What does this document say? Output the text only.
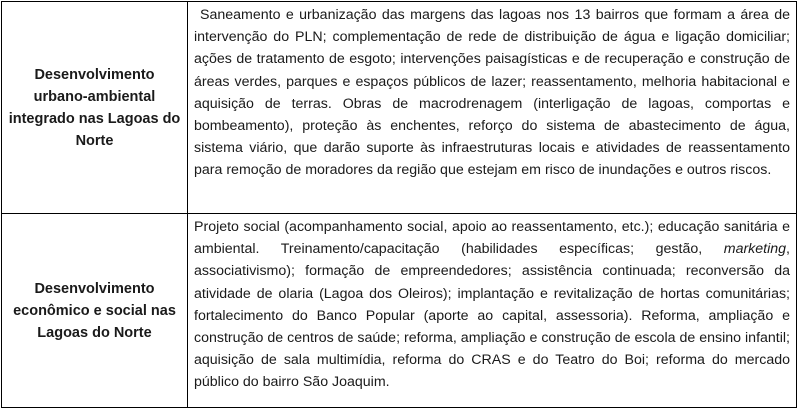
Desenvolvimento urbano-ambiental integrado nas Lagoas do Norte	Saneamento e urbanização das margens das lagoas nos 13 bairros que formam a área de intervenção do PLN; complementação de rede de distribuição de água e ligação domiciliar; ações de tratamento de esgoto; intervenções paisagísticas e de recuperação e construção de áreas verdes, parques e espaços públicos de lazer; reassentamento, melhoria habitacional e aquisição de terras. Obras de macrodrenagem (interligação de lagoas, comportas e bombeamento), proteção às enchentes, reforço do sistema de abastecimento de água, sistema viário, que darão suporte às infraestruturas locais e atividades de reassentamento para remoção de moradores da região que estejam em risco de inundações e outros riscos.

Desenvolvimento econômico e social nas Lagoas do Norte	Projeto social (acompanhamento social, apoio ao reassentamento, etc.); educação sanitária e ambiental. Treinamento/capacitação (habilidades específicas; gestão, marketing, associativismo); formação de empreendedores; assistência continuada; reconversão da atividade de olaria (Lagoa dos Oleiros); implantação e revitalização de hortas comunitárias; fortalecimento do Banco Popular (aporte ao capital, assessoria). Reforma, ampliação e construção de centros de saúde; reforma, ampliação e construção de escola de ensino infantil; aquisição de sala multimídia, reforma do CRAS e do Teatro do Boi; reforma do mercado público do bairro São Joaquim.
